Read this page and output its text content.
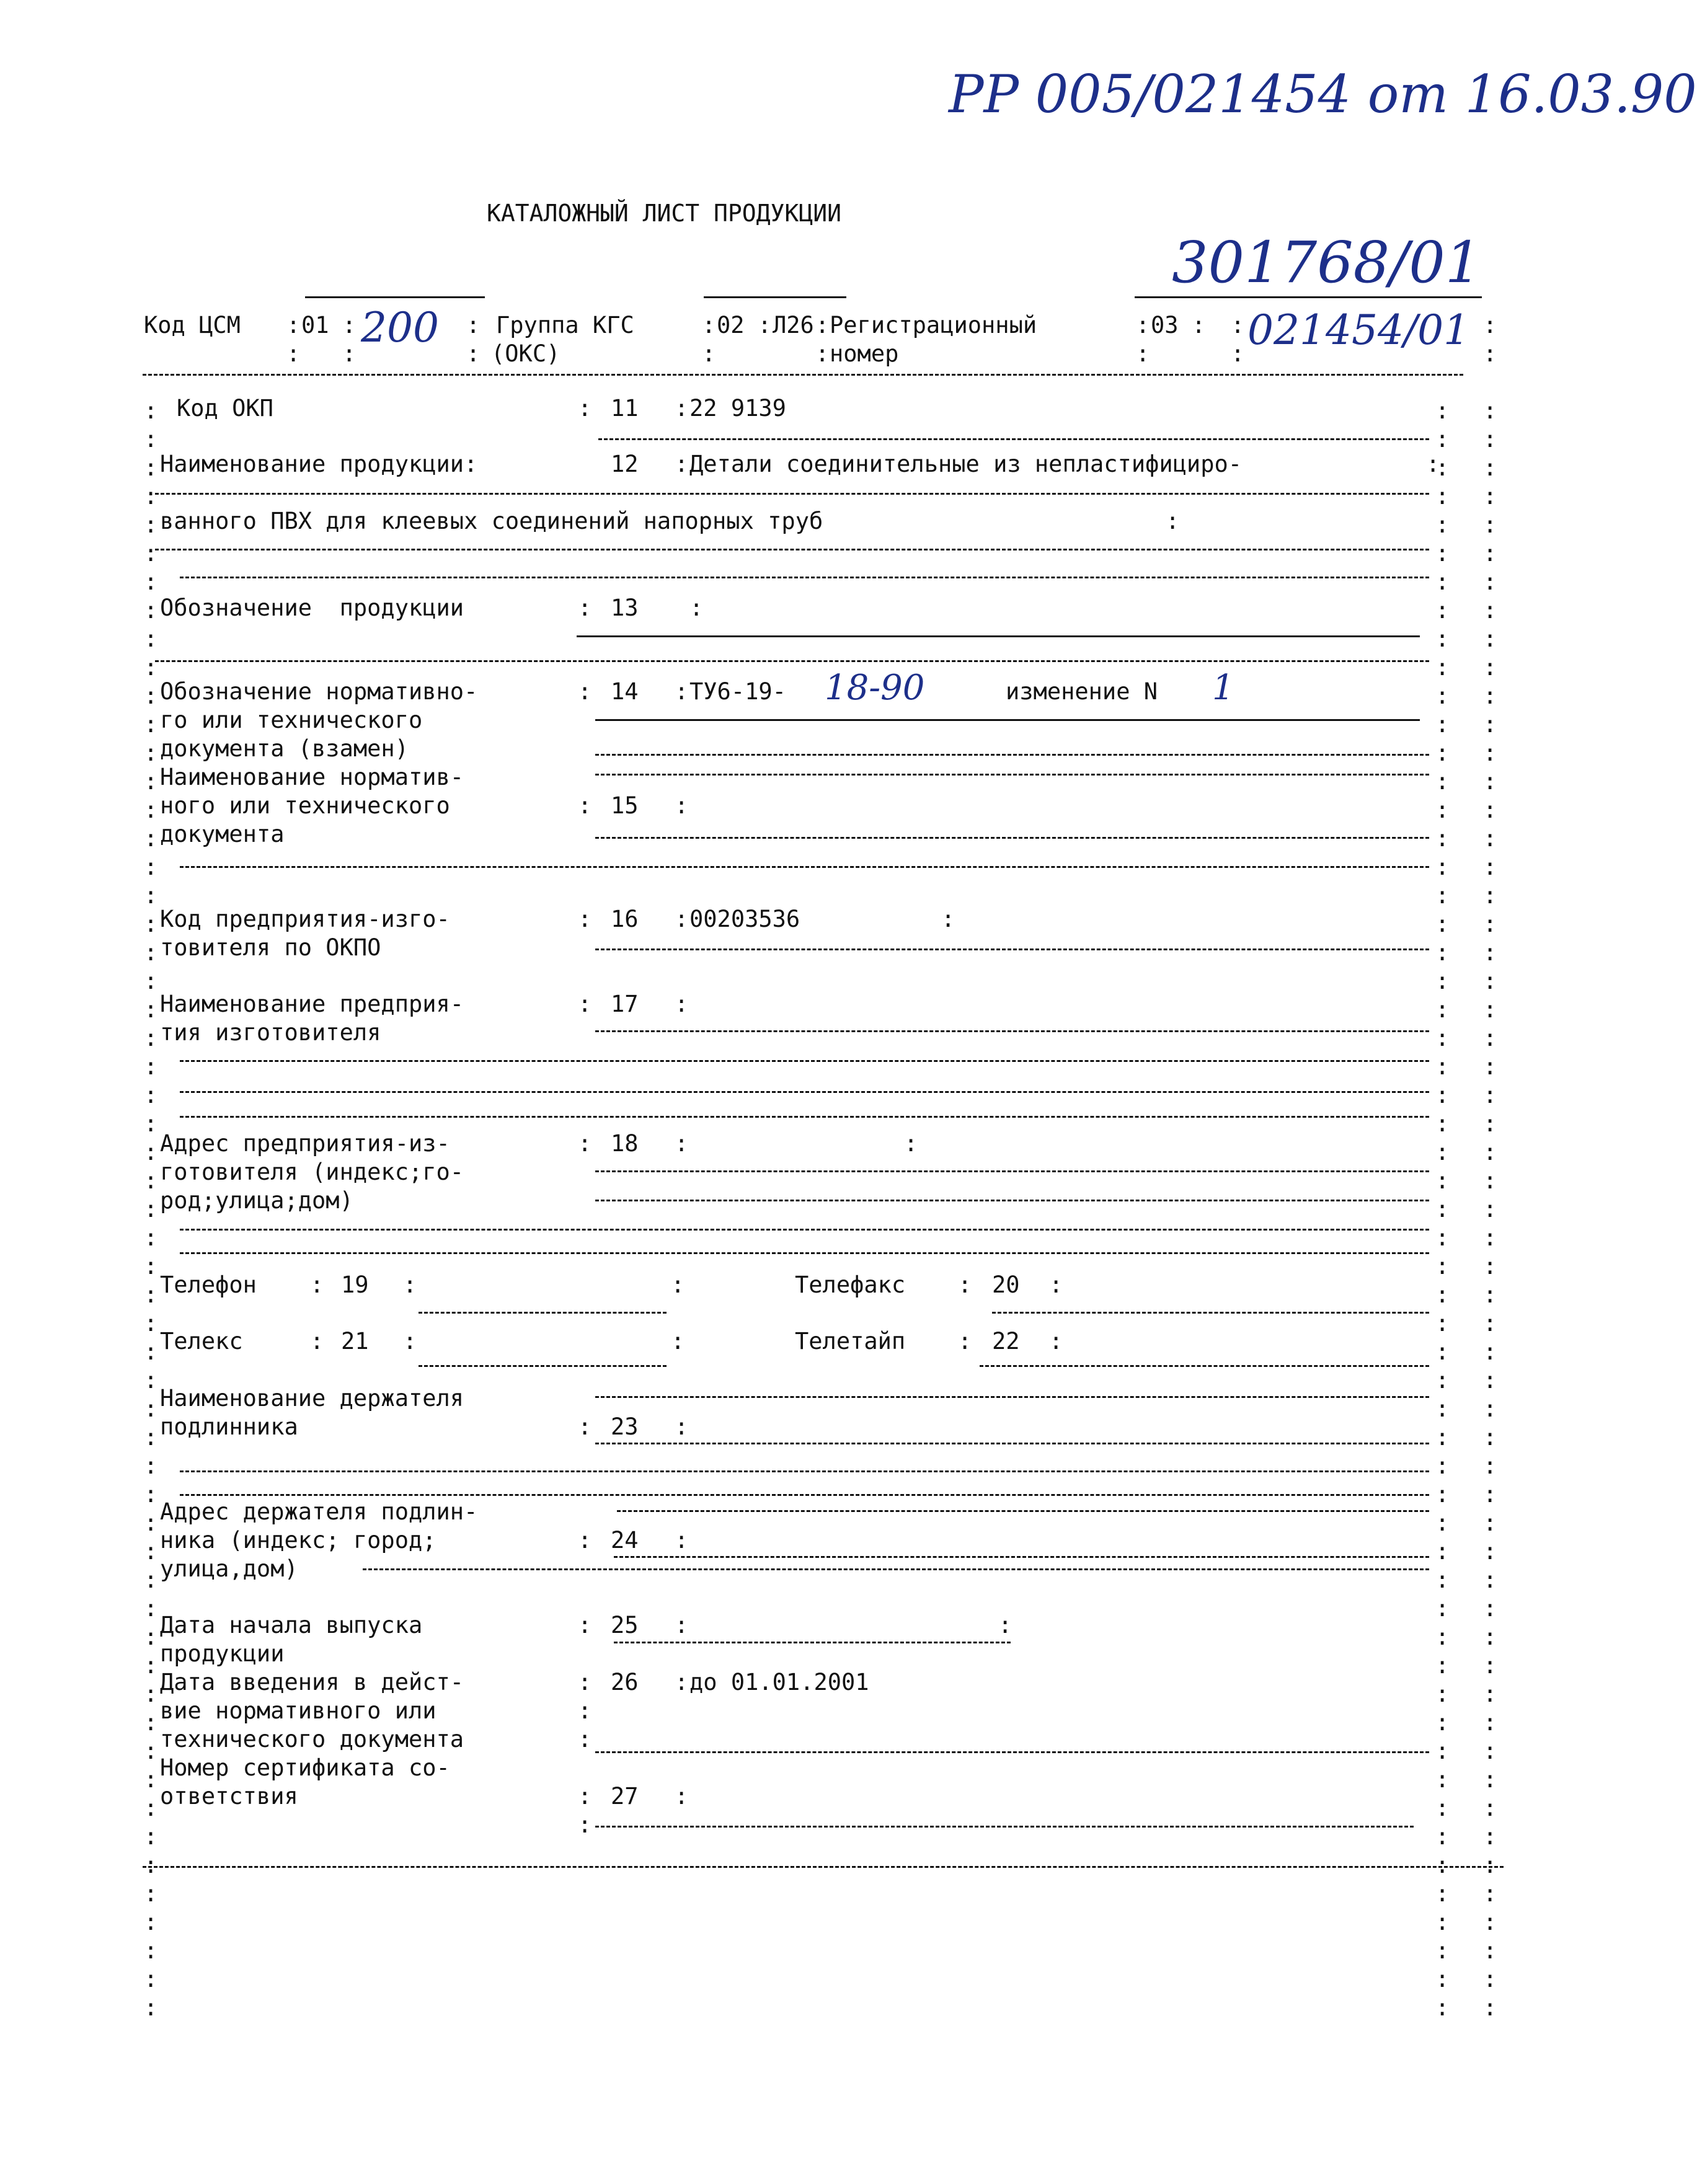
РР 005/021454 от 16.03.90
301768/01
КАТАЛОЖНЫЙ ЛИСТ ПРОДУКЦИИ
Код ЦСМ : 01 : 200 : Группа КГС	: 02 : Л26 : Регистрационный	: 03 : : 021454/01 :
: :	: (ОКС)	:	: номер	:	:	:
:
:
:
:
:
:
:
:
:
:
:
:
:
:
:
:
:
:
:
:
:
:
:
:
:
:
:
:
:
:
:
:
:
:
:
:
:
:
:
:
:
:
:
:
:
:
:
:
:
:
:
:
:
:
:
:
:
:
:
:
:
:
:
:
:
:
:
:
:
:
:
:
:
:
:
:
:
:
:
:
:
:
:
:
:
:
:
:
:
:
:
:
:
:
:
:
:
:
:
:
:
:
:
:
:
:
:
:
:
:
:
:
:
:
:
:
:
:
:
:
:
:
:
:
:
:
:
:
:
:
:
:
:
:
:
:
:
:
:
:
:
:
:
:
:
:
:
:
:
:
:
:
:
:
:
:
:
:
:
:
:
:
:
:
:
:
:
:
:
:
:
Код ОКП	: 11 : 22 9139
Наименование продукции:	12 : Детали соединительные из непластифициро-	:
ванного ПВХ для клеевых соединений напорных труб	:
Обозначение  продукции	: 13 :
Обозначение нормативно-	: 14 : ТУ6-19- 18-90	изменение N 1
го или технического
документа (взамен)
Наименование норматив-
ного или технического	: 15 :
документа
Код предприятия-изго-	: 16 : 00203536	:
товителя по ОКПО
Наименование предприя-	: 17 :
тия изготовителя
Адрес предприятия-из-	: 18 :	:
готовителя (индекс;го-
род;улица;дом)
Телефон : 19 :	:	Телефакс : 20 :
Телекс	: 21 :	:	Телетайп : 22 :
Наименование держателя
подлинника	: 23 :
Адрес держателя подлин-
ника (индекс; город;	: 24 :
улица,дом)
Дата начала выпуска	: 25 :	:
продукции
Дата введения в дейст-	: 26 : до 01.01.2001
вие нормативного или	:
технического документа	:
Номер сертификата со-
ответствия	: 27 :
:
